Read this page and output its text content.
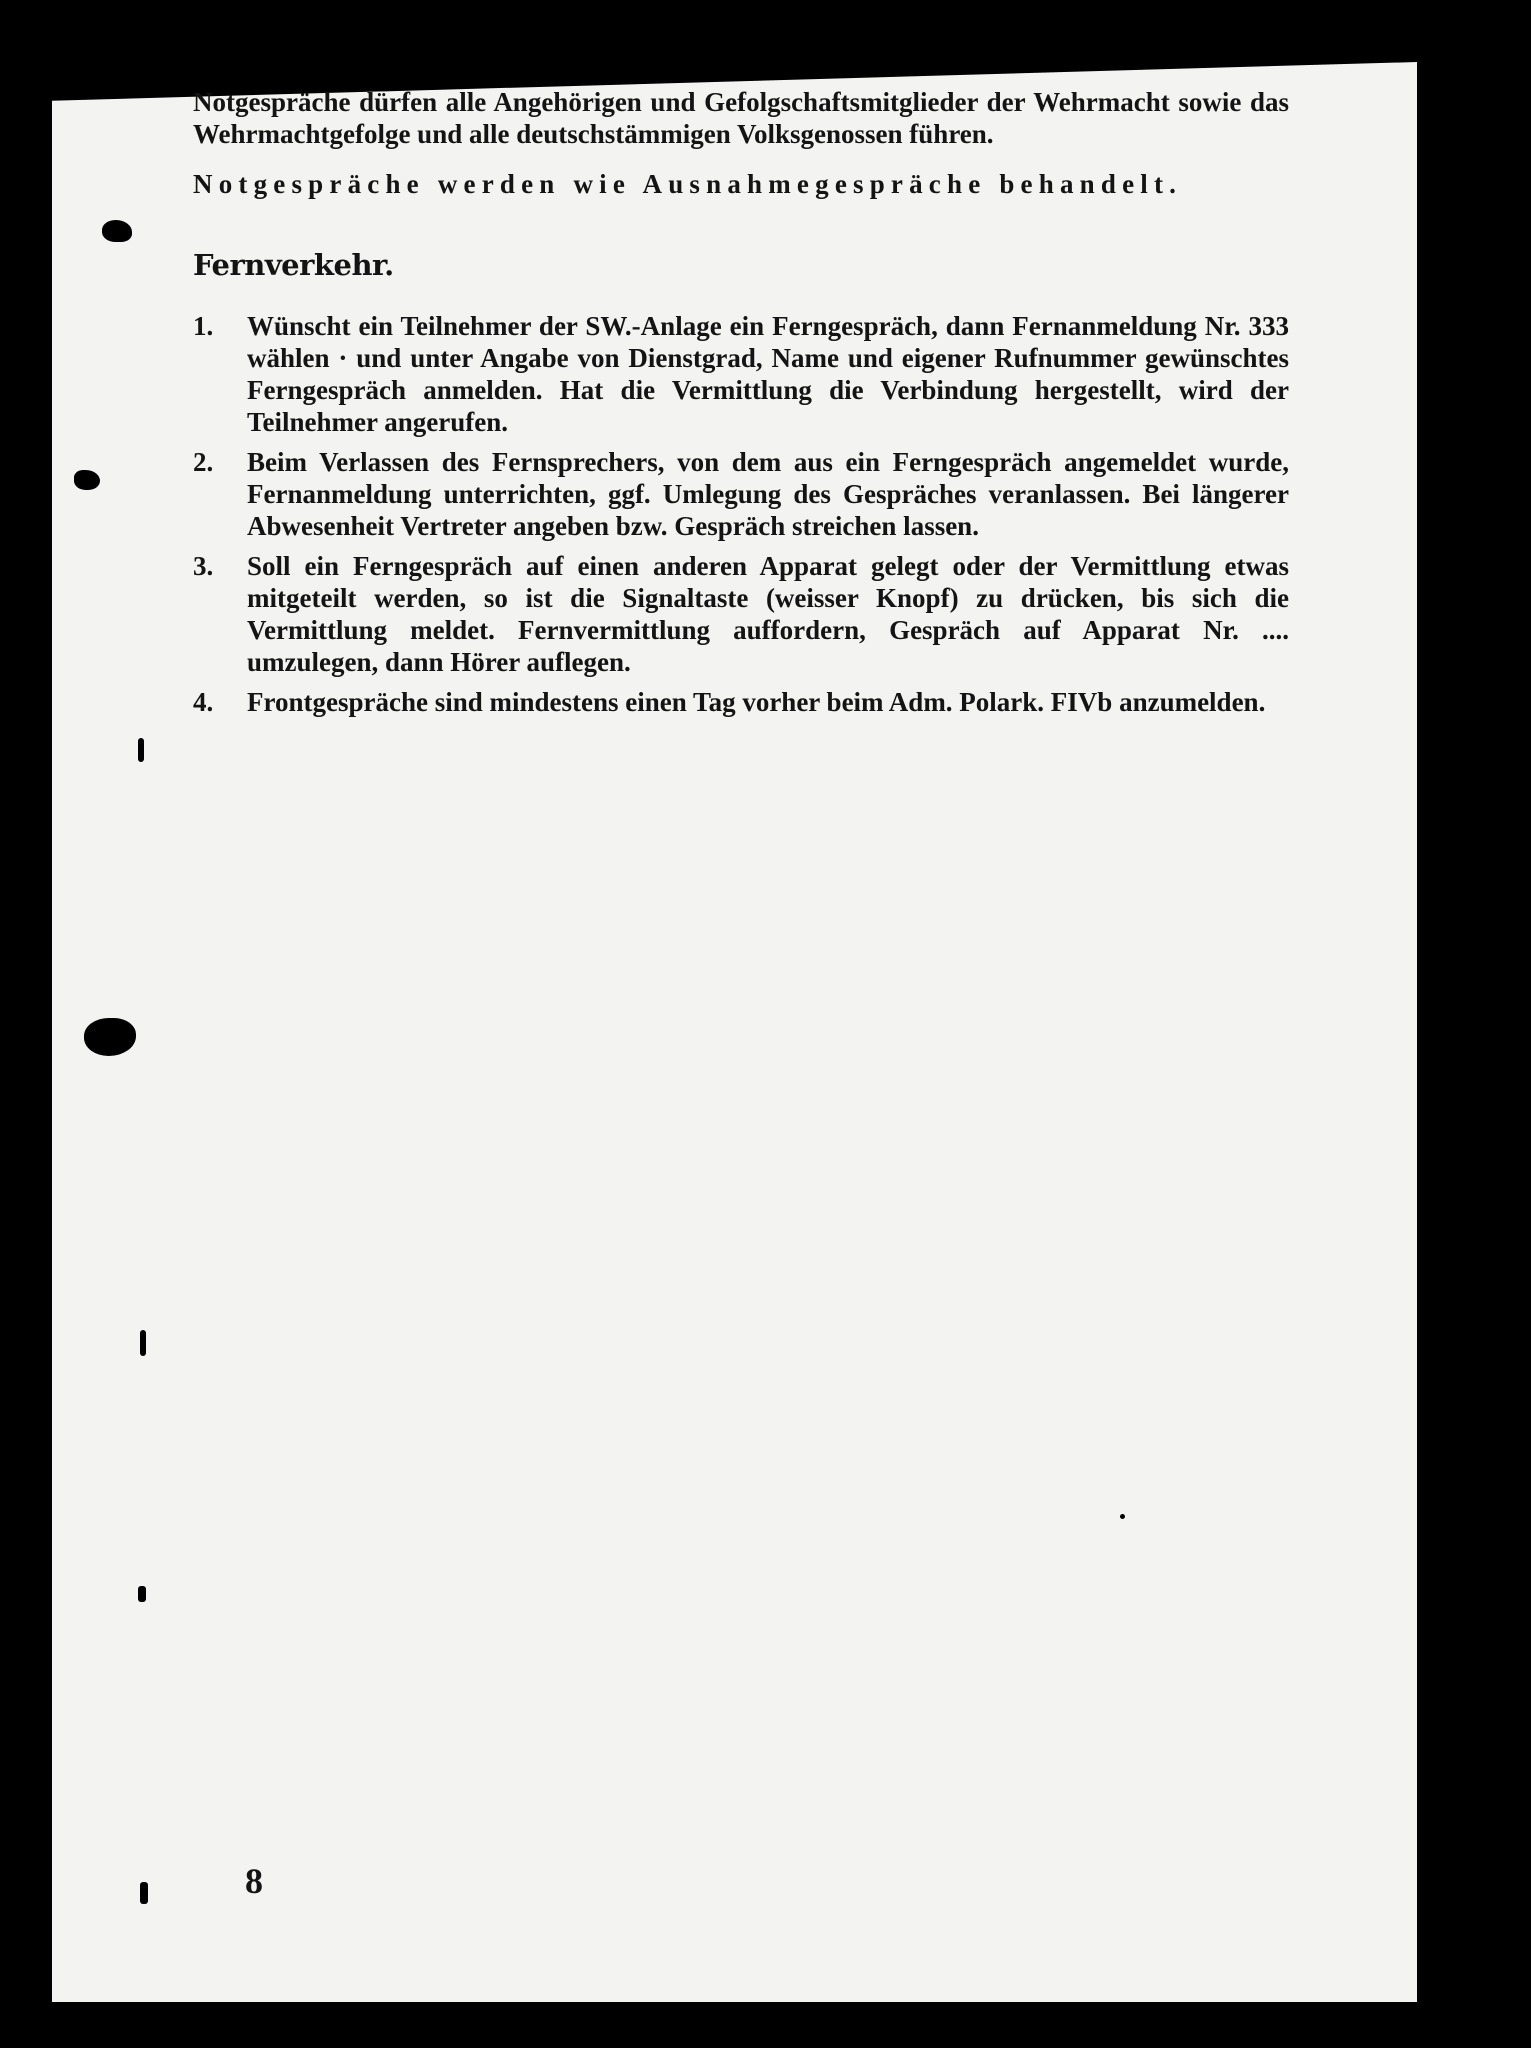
Notgespräche dürfen alle Angehörigen und Gefolgschaftsmitglieder der Wehrmacht sowie das Wehrmachtgefolge und alle deutschstämmigen Volksgenossen führen.

Notgespräche werden wie Ausnahmegespräche behandelt.

Fernverkehr.
1.	Wünscht ein Teilnehmer der SW.-Anlage ein Ferngespräch, dann Fernanmeldung Nr. 333 wählen · und unter Angabe von Dienstgrad, Name und eigener Rufnummer gewünschtes Ferngespräch anmelden. Hat die Vermittlung die Verbindung hergestellt, wird der Teilnehmer angerufen.
2.	Beim Verlassen des Fernsprechers, von dem aus ein Ferngespräch angemeldet wurde, Fernanmeldung unterrichten, ggf. Umlegung des Gespräches veranlassen. Bei längerer Abwesenheit Vertreter angeben bzw. Gespräch streichen lassen.
3.	Soll ein Ferngespräch auf einen anderen Apparat gelegt oder der Vermittlung etwas mitgeteilt werden, so ist die Signaltaste (weisser Knopf) zu drücken, bis sich die Vermittlung meldet. Fernvermittlung auffordern, Gespräch auf Apparat Nr. .... umzulegen, dann Hörer auflegen.
4.	Frontgespräche sind mindestens einen Tag vorher beim Adm. Polark. FIVb anzumelden.
8
